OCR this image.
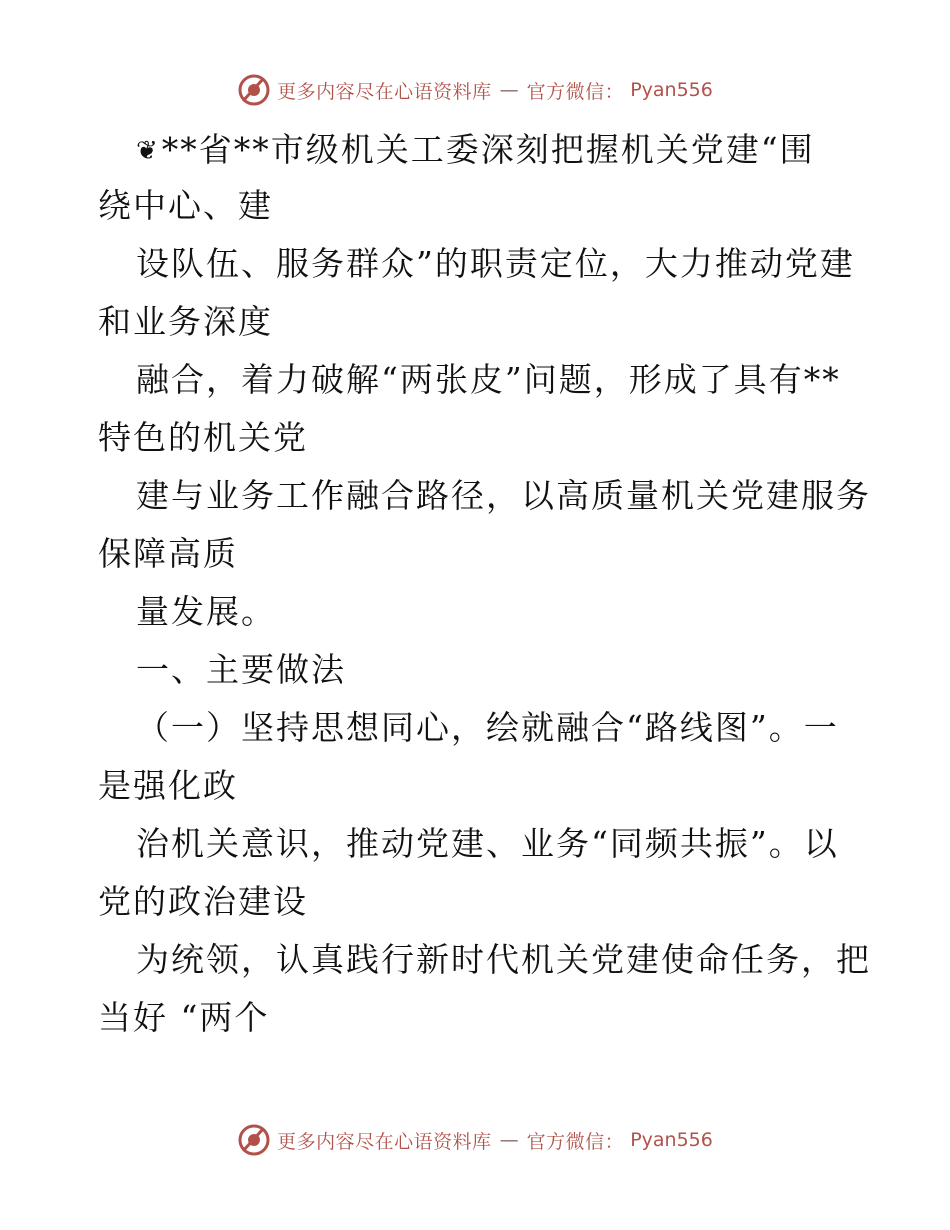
更多内容尽在心语资料库 — 官方微信： Pyan556
❦**省**市级机关工委深刻把握机关党建“围
绕中心、建
设队伍、服务群众”的职责定位，大力推动党建
和业务深度
融合，着力破解“两张皮”问题，形成了具有**
特色的机关党
建与业务工作融合路径，以高质量机关党建服务
保障高质
量发展。
一、主要做法
（一）坚持思想同心，绘就融合“路线图”。一
是强化政
治机关意识，推动党建、业务“同频共振”。以
党的政治建设
为统领，认真践行新时代机关党建使命任务，把
当好 “两个
更多内容尽在心语资料库 — 官方微信： Pyan556
